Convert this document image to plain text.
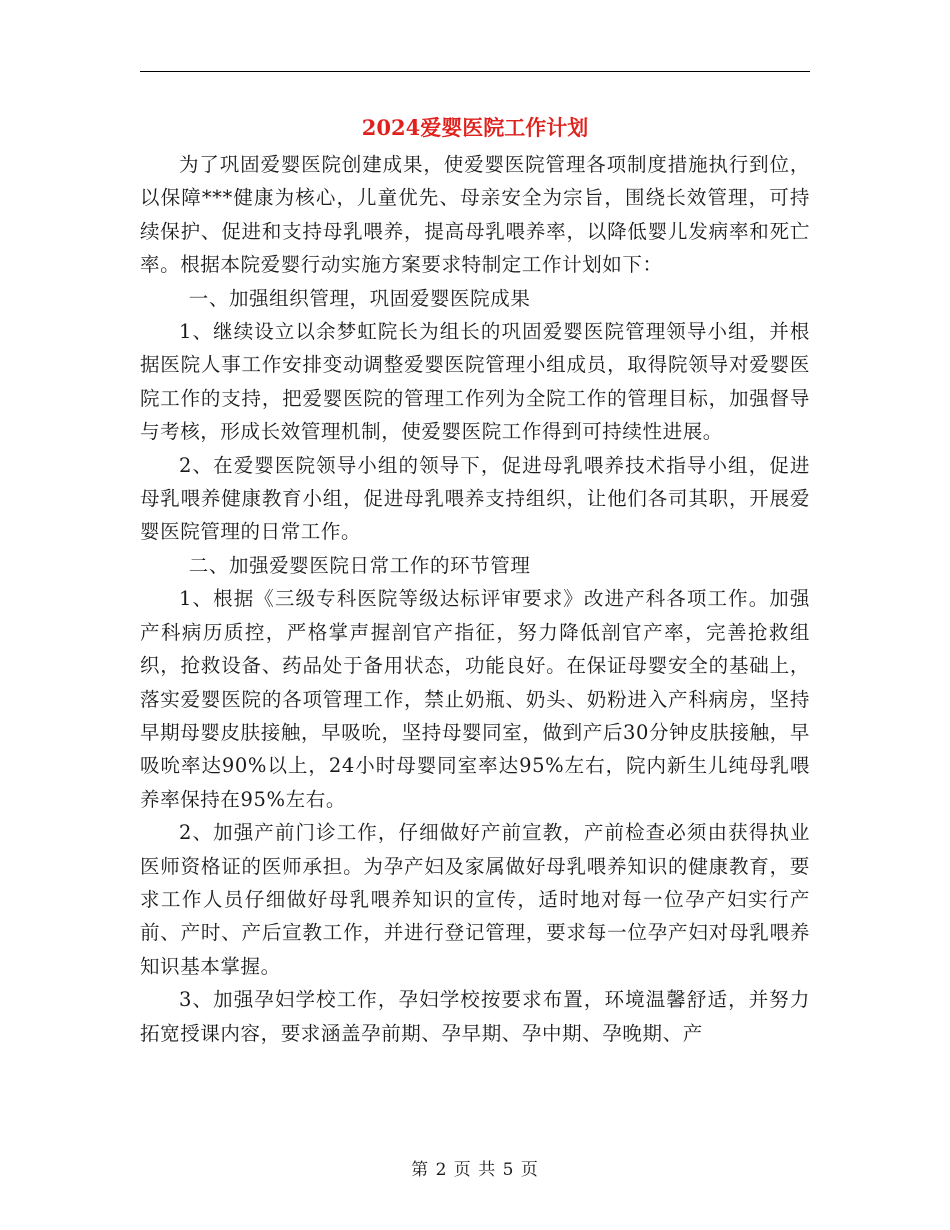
2024爱婴医院工作计划

为了巩固爱婴医院创建成果，使爱婴医院管理各项制度措施执行到位，以保障***健康为核心，儿童优先、母亲安全为宗旨，围绕长效管理，可持续保护、促进和支持母乳喂养，提高母乳喂养率，以降低婴儿发病率和死亡率。根据本院爱婴行动实施方案要求特制定工作计划如下：

一、加强组织管理，巩固爱婴医院成果

1、继续设立以余梦虹院长为组长的巩固爱婴医院管理领导小组，并根据医院人事工作安排变动调整爱婴医院管理小组成员，取得院领导对爱婴医院工作的支持，把爱婴医院的管理工作列为全院工作的管理目标，加强督导与考核，形成长效管理机制，使爱婴医院工作得到可持续性进展。

2、在爱婴医院领导小组的领导下，促进母乳喂养技术指导小组，促进母乳喂养健康教育小组，促进母乳喂养支持组织，让他们各司其职，开展爱婴医院管理的日常工作。

二、加强爱婴医院日常工作的环节管理

1、根据《三级专科医院等级达标评审要求》改进产科各项工作。加强产科病历质控，严格掌声握剖官产指征，努力降低剖官产率，完善抢救组织，抢救设备、药品处于备用状态，功能良好。在保证母婴安全的基础上，落实爱婴医院的各项管理工作，禁止奶瓶、奶头、奶粉进入产科病房，坚持早期母婴皮肤接触，早吸吮，坚持母婴同室，做到产后30分钟皮肤接触，早吸吮率达90%以上，24小时母婴同室率达95%左右，院内新生儿纯母乳喂养率保持在95%左右。

2、加强产前门诊工作，仔细做好产前宣教，产前检查必须由获得执业医师资格证的医师承担。为孕产妇及家属做好母乳喂养知识的健康教育，要求工作人员仔细做好母乳喂养知识的宣传，适时地对每一位孕产妇实行产前、产时、产后宣教工作，并进行登记管理，要求每一位孕产妇对母乳喂养知识基本掌握。

3、加强孕妇学校工作，孕妇学校按要求布置，环境温馨舒适，并努力拓宽授课内容，要求涵盖孕前期、孕早期、孕中期、孕晚期、产

第 2 页 共 5 页
